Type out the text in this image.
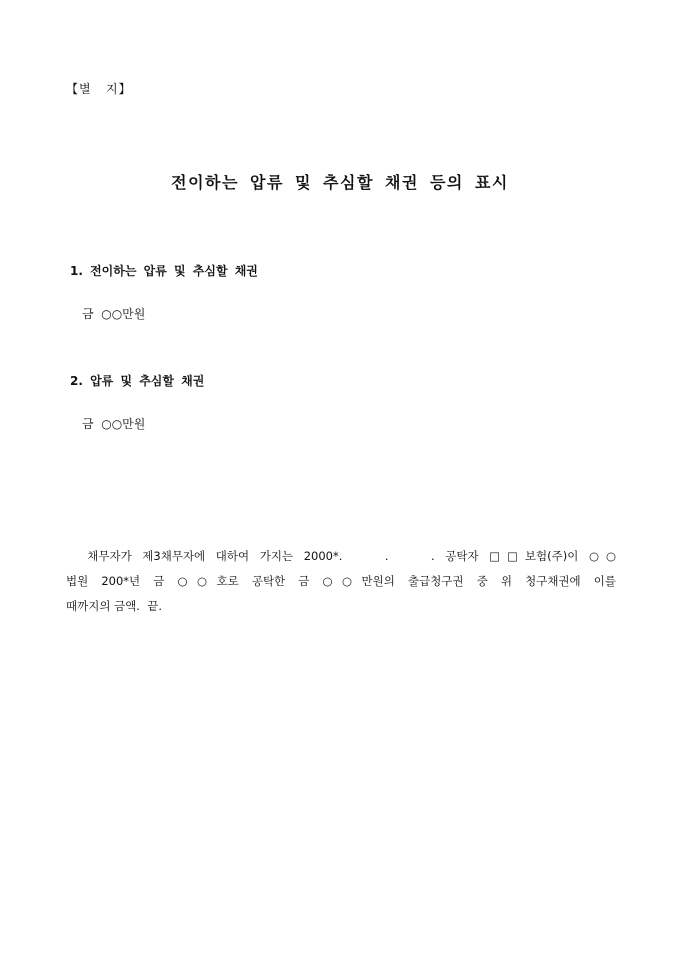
【별   지】
전이하는 압류 및 추심할 채권 등의 표시
1. 전이하는 압류 및 추심할 채권
금  ○○만원
2. 압류 및 추심할 채권
금  ○○만원
채무자가 제3채무자에 대하여 가지는 2000*.    .    . 공탁자 □□보험(주)이 ○○
법원 200*년 금 ○○호로 공탁한 금 ○○만원의 출급청구권 중 위 청구채권에 이를
때까지의 금액.  끝.
